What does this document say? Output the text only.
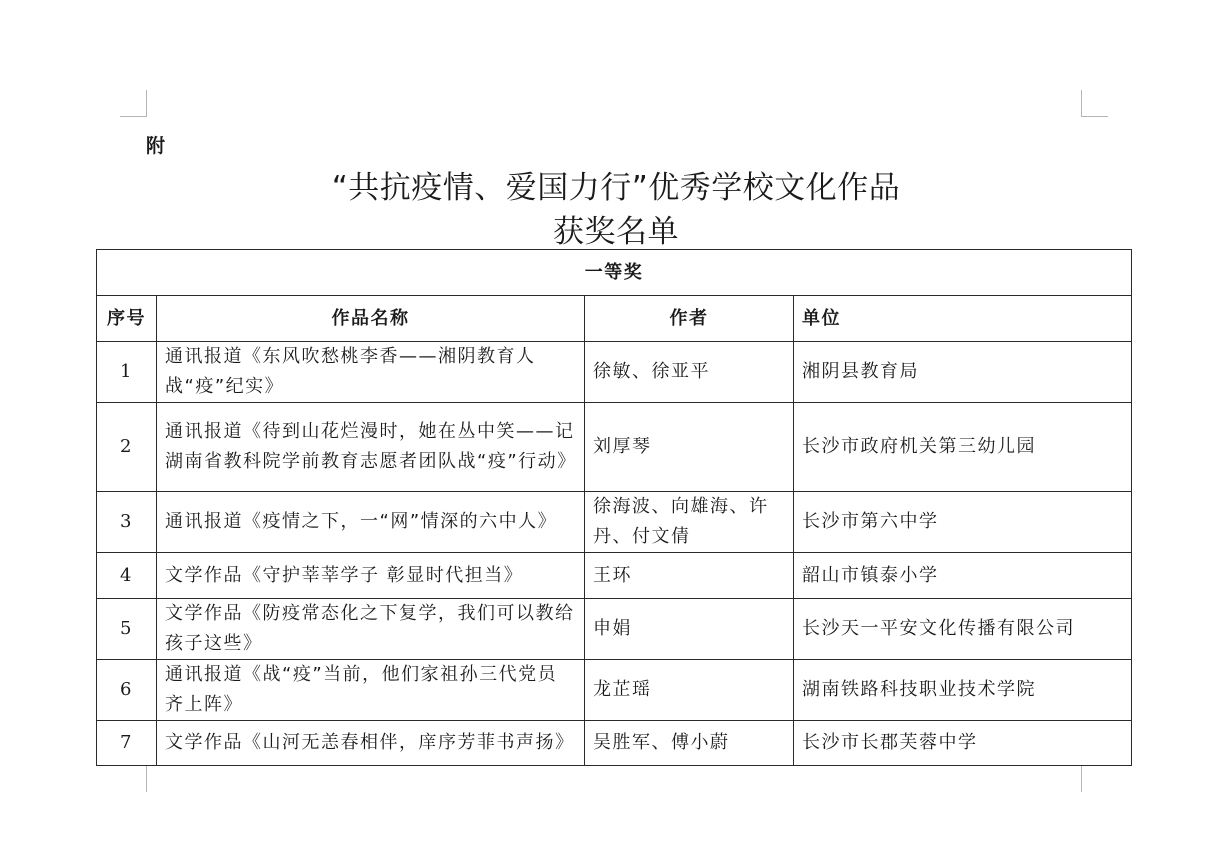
附
“共抗疫情、爱国力行”优秀学校文化作品
获奖名单
一等奖			
序号	作品名称	作者	单位
1	通讯报道《东风吹愁桃李香——湘阴教育人战“疫”纪实》	徐敏、徐亚平	湘阴县教育局
2	通讯报道《待到山花烂漫时，她在丛中笑——记湖南省教科院学前教育志愿者团队战“疫”行动》	刘厚琴	长沙市政府机关第三幼儿园
3	通讯报道《疫情之下，一“网”情深的六中人》	徐海波、向雄海、许丹、付文倩	长沙市第六中学
4	文学作品《守护莘莘学子 彰显时代担当》	王环	韶山市镇泰小学
5	文学作品《防疫常态化之下复学，我们可以教给孩子这些》	申娟	长沙天一平安文化传播有限公司
6	通讯报道《战“疫”当前，他们家祖孙三代党员齐上阵》	龙芷瑶	湖南铁路科技职业技术学院
7	文学作品《山河无恙春相伴，庠序芳菲书声扬》	吴胜军、傅小蔚	长沙市长郡芙蓉中学
